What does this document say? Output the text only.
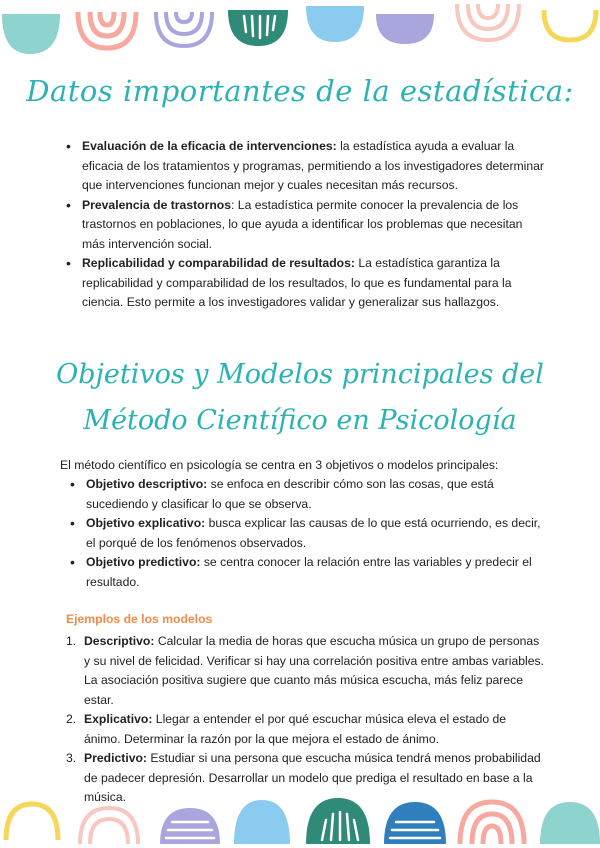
Datos importantes de la estadística:
• Evaluación de la eficacia de intervenciones: la estadística ayuda a evaluar la eficacia de los tratamientos y programas, permitiendo a los investigadores determinar que intervenciones funcionan mejor y cuales necesitan más recursos.
• Prevalencia de trastornos: La estadística permite conocer la prevalencia de los trastornos en poblaciones, lo que ayuda a identificar los problemas que necesitan más intervención social.
• Replicabilidad y comparabilidad de resultados: La estadística garantiza la replicabilidad y comparabilidad de los resultados, lo que es fundamental para la ciencia. Esto permite a los investigadores validar y generalizar sus hallazgos.
Objetivos y Modelos principales del
Método Científico en Psicología

El método científico en psicología se centra en 3 objetivos o modelos principales:

• Objetivo descriptivo: se enfoca en describir cómo son las cosas, que está sucediendo y clasificar lo que se observa.
• Objetivo explicativo: busca explicar las causas de lo que está ocurriendo, es decir, el porqué de los fenómenos observados.
• Objetivo predictivo: se centra conocer la relación entre las variables y predecir el resultado.
Ejemplos de los modelos
1. Descriptivo: Calcular la media de horas que escucha música un grupo de personas y su nivel de felicidad. Verificar si hay una correlación positiva entre ambas variables. La asociación positiva sugiere que cuanto más música escucha, más feliz parece estar.
2. Explicativo: Llegar a entender el por qué escuchar música eleva el estado de ánimo. Determinar la razón por la que mejora el estado de ánimo.
3. Predictivo: Estudiar si una persona que escucha música tendrá menos probabilidad de padecer depresión. Desarrollar un modelo que prediga el resultado en base a la música.
